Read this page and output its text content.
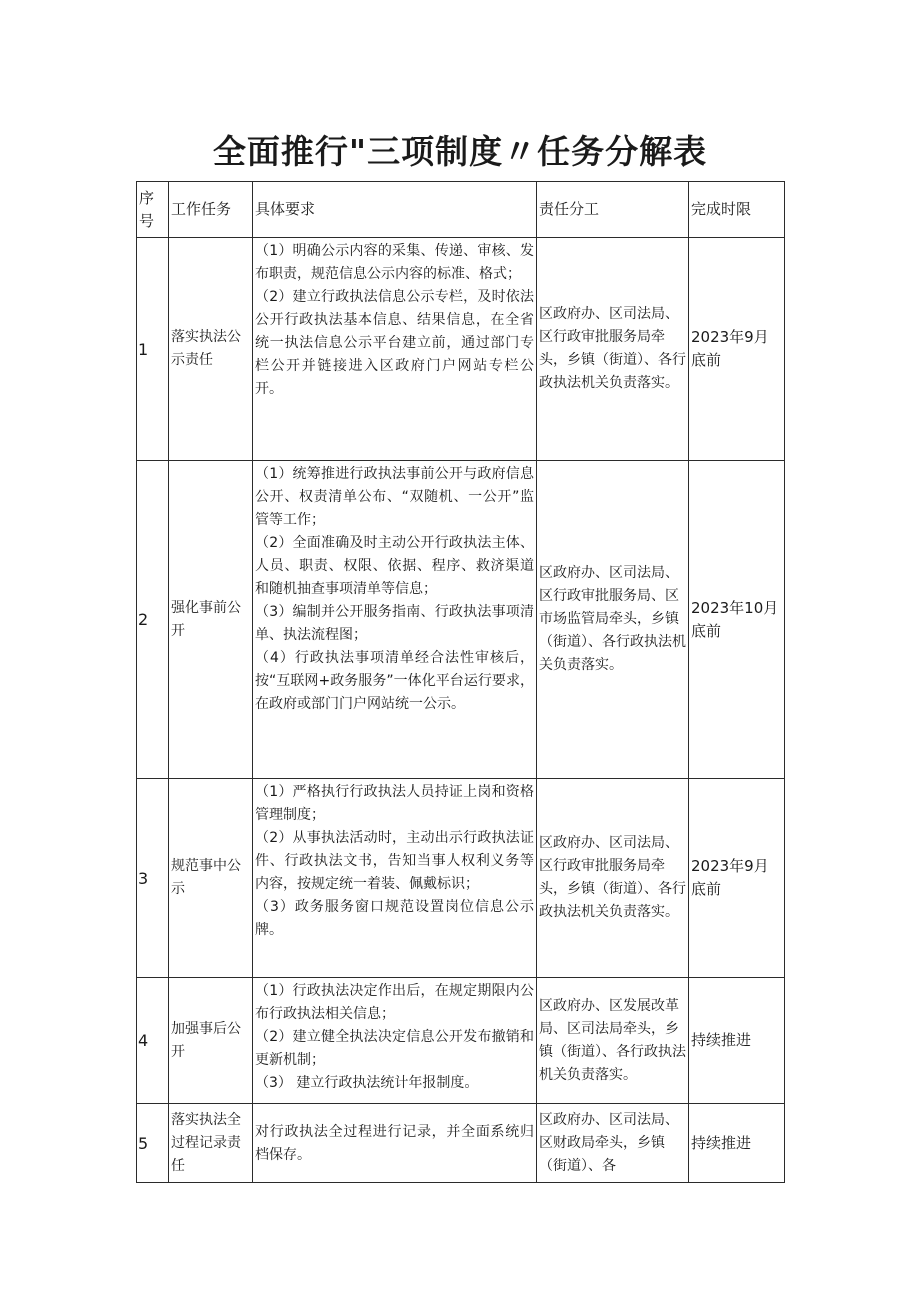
全面推行"三项制度〃任务分解表
序号	工作任务	具体要求	责任分工	完成时限
1	落实执法公示责任	（1）明确公示内容的采集、传递、审核、发布职责，规范信息公示内容的标准、格式；
（2）建立行政执法信息公示专栏，及时依法公开行政执法基本信息、结果信息，在全省统一执法信息公示平台建立前，通过部门专栏公开并链接进入区政府门户网站专栏公开。	区政府办、区司法局、区行政审批服务局牵头，乡镇（街道）、各行政执法机关负责落实。	2023年9月底前
2	强化事前公开	（1）统筹推进行政执法事前公开与政府信息公开、权责清单公布、“双随机、一公开”监管等工作；
（2）全面准确及时主动公开行政执法主体、人员、职责、权限、依据、程序、救济渠道和随机抽查事项清单等信息；
（3）编制并公开服务指南、行政执法事项清单、执法流程图；
（4）行政执法事项清单经合法性审核后，按“互联网+政务服务”一体化平台运行要求，在政府或部门门户网站统一公示。	区政府办、区司法局、区行政审批服务局、区市场监管局牵头，乡镇（街道）、各行政执法机关负责落实。	2023年10月底前
3	规范事中公示	（1）严格执行行政执法人员持证上岗和资格管理制度；
（2）从事执法活动时，主动出示行政执法证件、行政执法文书，告知当事人权利义务等内容，按规定统一着装、佩戴标识；
（3）政务服务窗口规范设置岗位信息公示牌。	区政府办、区司法局、区行政审批服务局牵头，乡镇（街道）、各行政执法机关负责落实。	2023年9月底前
4	加强事后公开	（1）行政执法决定作出后，在规定期限内公布行政执法相关信息；
（2）建立健全执法决定信息公开发布撤销和更新机制；
（3） 建立行政执法统计年报制度。	区政府办、区发展改革局、区司法局牵头，乡镇（街道）、各行政执法机关负责落实。	持续推进
5	落实执法全过程记录责任	对行政执法全过程进行记录，并全面系统归档保存。	区政府办、区司法局、区财政局牵头，乡镇（街道）、各	持续推进
